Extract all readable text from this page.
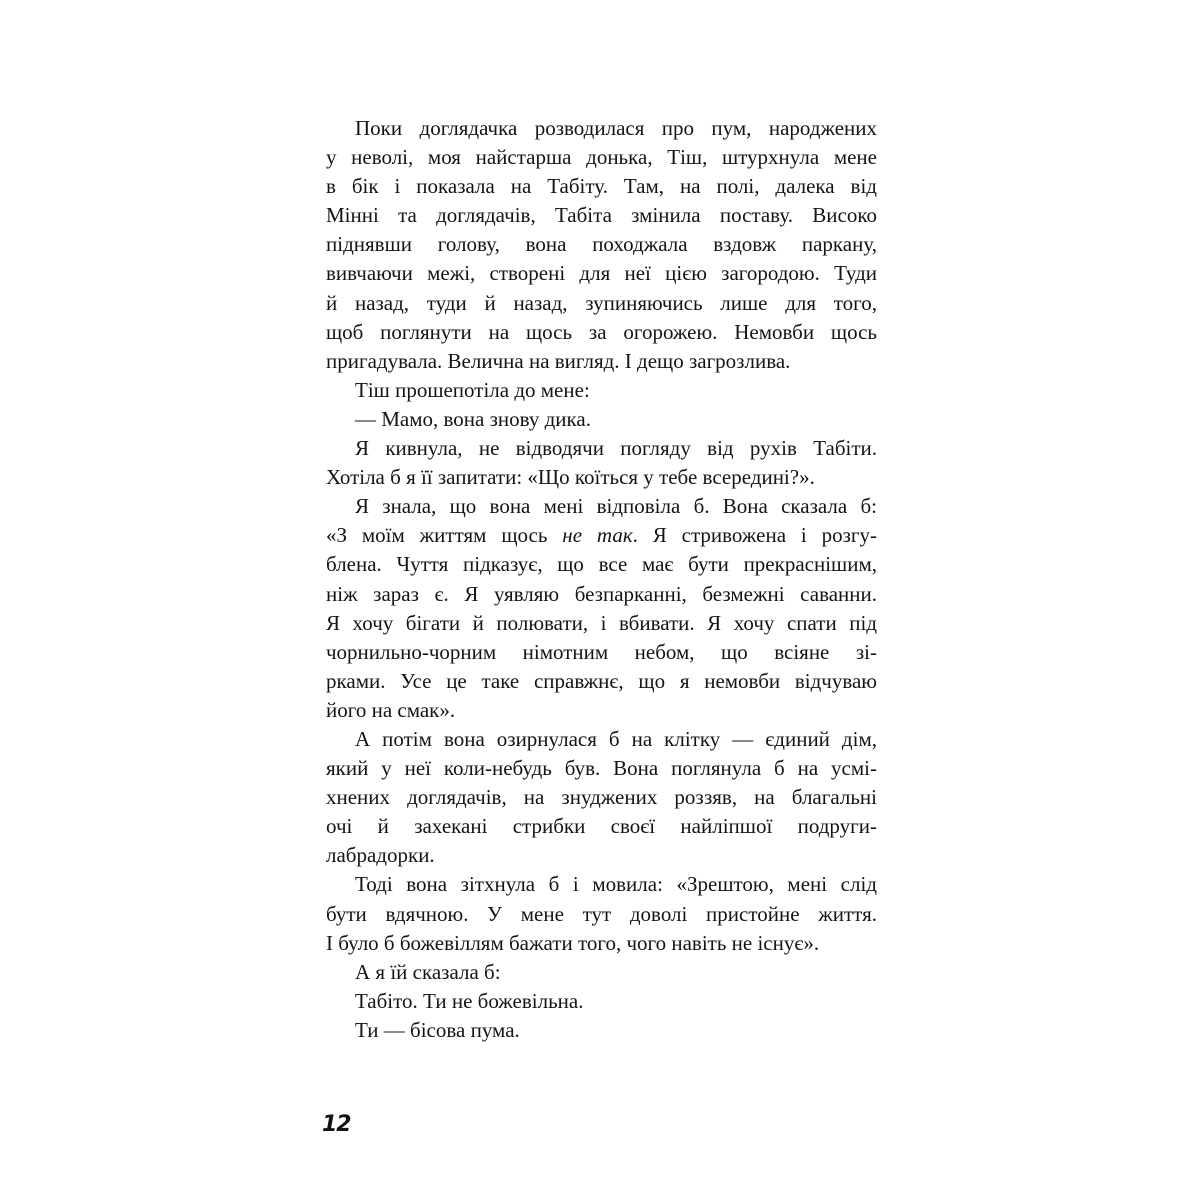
Поки доглядачка розводилася про пум, народжених
у неволі, моя найстарша донька, Тіш, штурхнула мене
в бік і показала на Табіту. Там, на полі, далека від
Мінні та доглядачів, Табіта змінила поставу. Високо
піднявши голову, вона походжала вздовж паркану,
вивчаючи межі, створені для неї цією загородою. Туди
й назад, туди й назад, зупиняючись лише для того,
щоб поглянути на щось за огорожею. Немовби щось
пригадувала. Велична на вигляд. І дещо загрозлива.
Тіш прошепотіла до мене:
— Мамо, вона знову дика.
Я кивнула, не відводячи погляду від рухів Табіти.
Хотіла б я її запитати: «Що коїться у тебе всередині?».
Я знала, що вона мені відповіла б. Вона сказала б:
«З моїм життям щось не так. Я стривожена і розгу-
блена. Чуття підказує, що все має бути прекраснішим,
ніж зараз є. Я уявляю безпарканні, безмежні саванни.
Я хочу бігати й полювати, і вбивати. Я хочу спати під
чорнильно-чорним німотним небом, що всіяне зі-
рками. Усе це таке справжнє, що я немовби відчуваю
його на смак».
А потім вона озирнулася б на клітку — єдиний дім,
який у неї коли-небудь був. Вона поглянула б на усмі-
хнених доглядачів, на знуджених роззяв, на благальні
очі й захекані стрибки своєї найліпшої подруги-
лабрадорки.
Тоді вона зітхнула б і мовила: «Зрештою, мені слід
бути вдячною. У мене тут доволі пристойне життя.
І було б божевіллям бажати того, чого навіть не існує».
А я їй сказала б:
Табіто. Ти не божевільна.
Ти — бісова пума.
12
